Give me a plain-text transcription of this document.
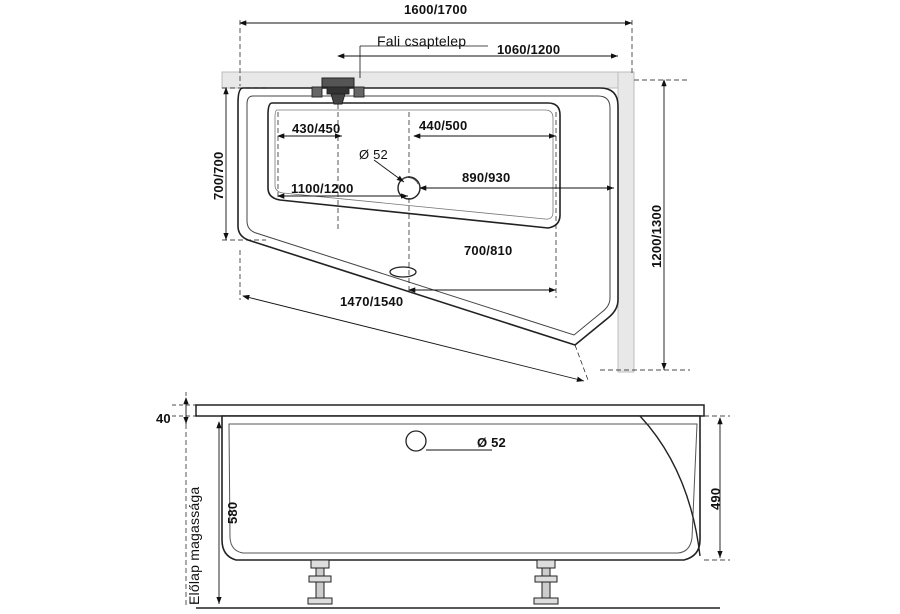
1600/1700
Fali csaptelep
1060/1200
700/700
1200/1300
430/450	440/500
890/930
1100/1200
700/810
Ø 52
1470/1540
40
Ø 52
580
490
Előlap magassága
